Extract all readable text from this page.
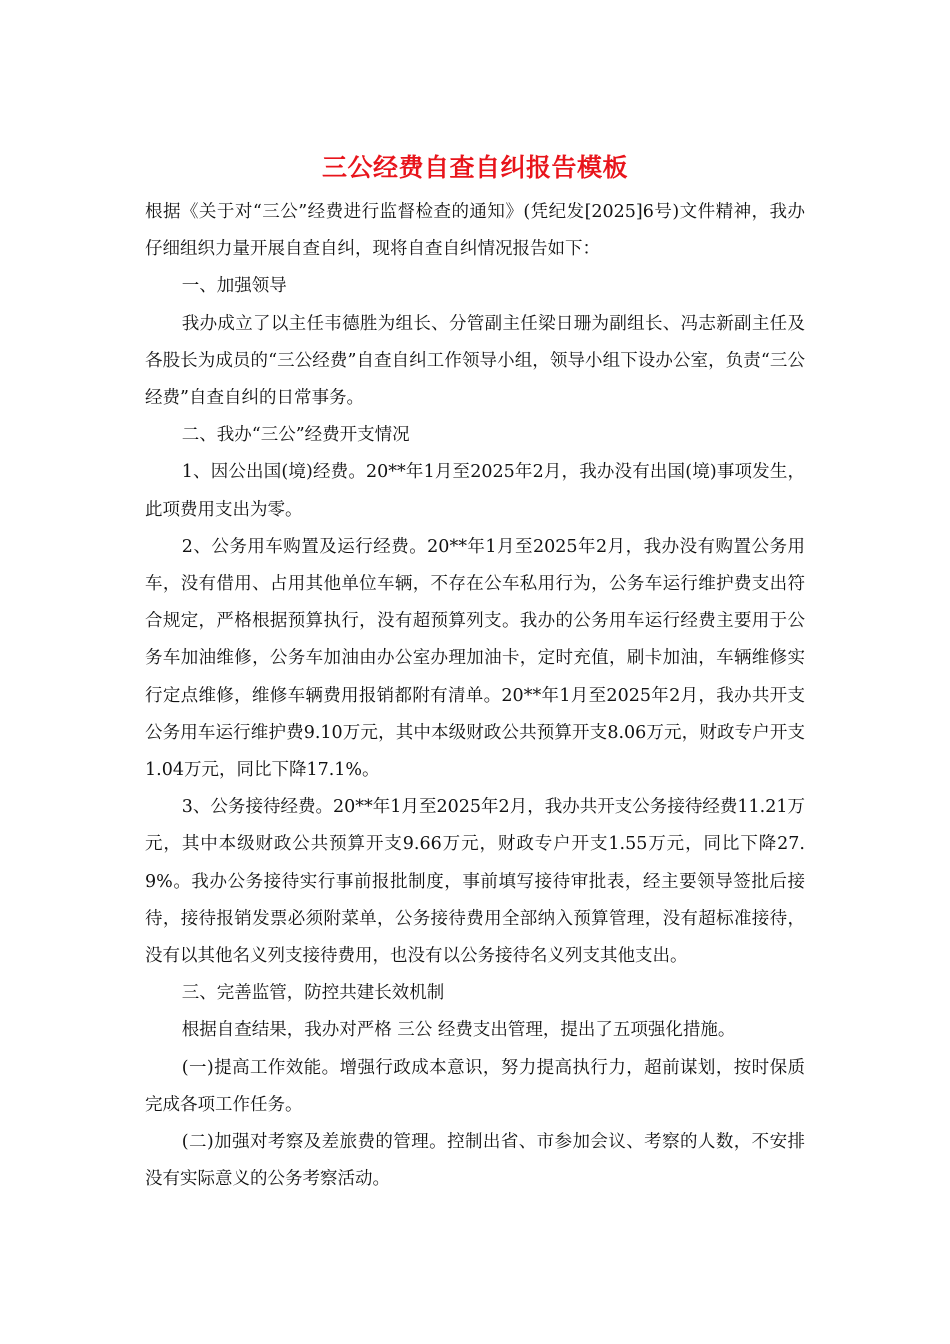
三公经费自查自纠报告模板

根据《关于对“三公”经费进行监督检查的通知》(凭纪发[2025]6号)文件精神，我办仔细组织力量开展自查自纠，现将自查自纠情况报告如下：

一、加强领导

我办成立了以主任韦德胜为组长、分管副主任梁日珊为副组长、冯志新副主任及各股长为成员的“三公经费”自查自纠工作领导小组，领导小组下设办公室，负责“三公经费”自查自纠的日常事务。

二、我办“三公”经费开支情况

1、因公出国(境)经费。20**年1月至2025年2月，我办没有出国(境)事项发生，此项费用支出为零。

2、公务用车购置及运行经费。20**年1月至2025年2月，我办没有购置公务用车，没有借用、占用其他单位车辆，不存在公车私用行为，公务车运行维护费支出符合规定，严格根据预算执行，没有超预算列支。我办的公务用车运行经费主要用于公务车加油维修，公务车加油由办公室办理加油卡，定时充值，刷卡加油，车辆维修实行定点维修，维修车辆费用报销都附有清单。20**年1月至2025年2月，我办共开支公务用车运行维护费9.10万元，其中本级财政公共预算开支8.06万元，财政专户开支1.04万元，同比下降17.1%。

3、公务接待经费。20**年1月至2025年2月，我办共开支公务接待经费11.21万元，其中本级财政公共预算开支9.66万元，财政专户开支1.55万元，同比下降27.9%。我办公务接待实行事前报批制度，事前填写接待审批表，经主要领导签批后接待，接待报销发票必须附菜单，公务接待费用全部纳入预算管理，没有超标准接待，没有以其他名义列支接待费用，也没有以公务接待名义列支其他支出。

三、完善监管，防控共建长效机制

根据自查结果，我办对严格 三公 经费支出管理，提出了五项强化措施。

(一)提高工作效能。增强行政成本意识，努力提高执行力，超前谋划，按时保质完成各项工作任务。

(二)加强对考察及差旅费的管理。控制出省、市参加会议、考察的人数，不安排没有实际意义的公务考察活动。
